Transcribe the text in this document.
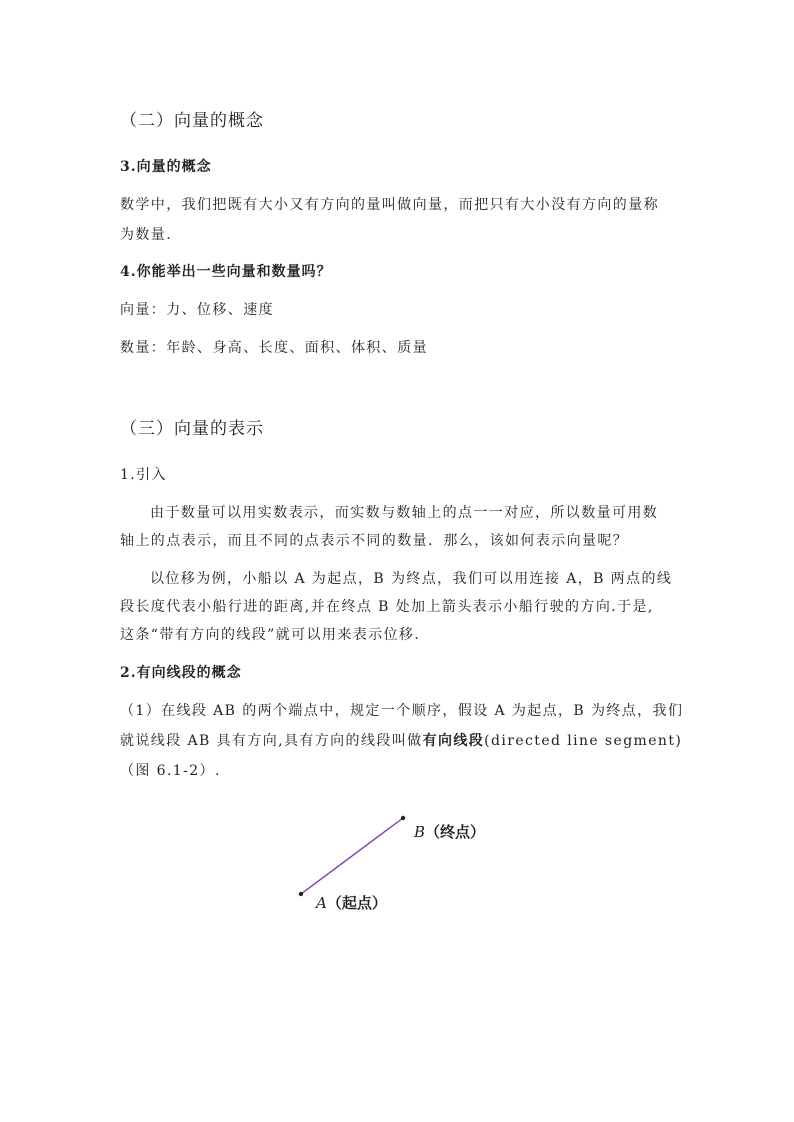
（二）向量的概念
3.向量的概念
数学中，我们把既有大小又有方向的量叫做向量，而把只有大小没有方向的量称
为数量.
4.你能举出一些向量和数量吗？
向量：力、位移、速度
数量：年龄、身高、长度、面积、体积、质量
（三）向量的表示
1.引入
由于数量可以用实数表示，而实数与数轴上的点一一对应，所以数量可用数
轴上的点表示，而且不同的点表示不同的数量．那么，该如何表示向量呢？
以位移为例，小船以 A 为起点，B 为终点，我们可以用连接 A，B 两点的线
段长度代表小船行进的距离,并在终点 B 处加上箭头表示小船行驶的方向.于是,
这条“带有方向的线段”就可以用来表示位移.
2.有向线段的概念
（1）在线段 AB 的两个端点中，规定一个顺序，假设 A 为起点，B 为终点，我们
就说线段 AB 具有方向,具有方向的线段叫做有向线段(directed line segment)
（图 6.1-2）.
B（终点）
A（起点）
